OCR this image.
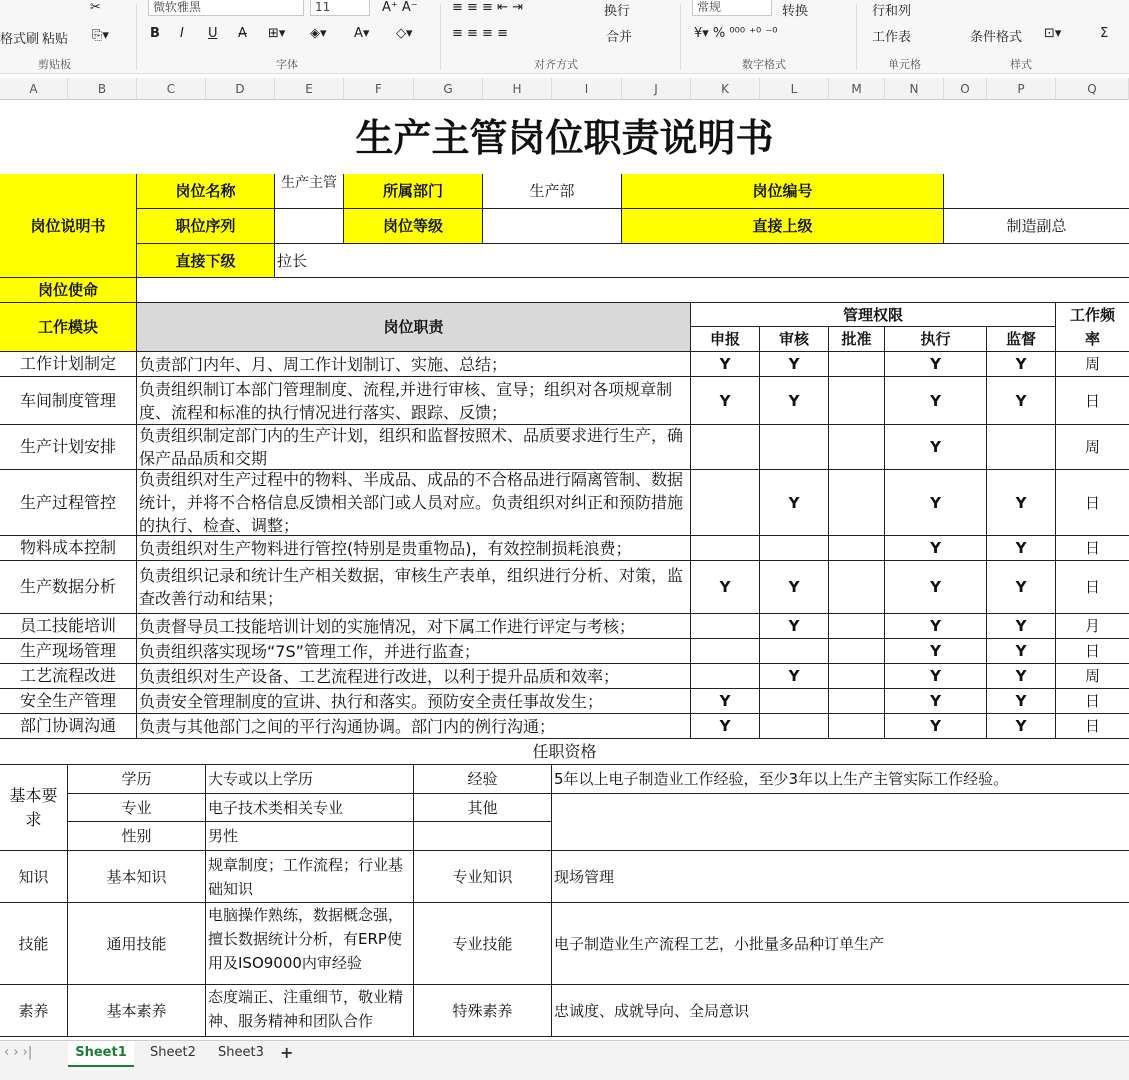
格式刷 粘贴
✂
⎘▾
剪贴板
微软雅黑	11	A⁺ A⁻
B I U A̶ ⊞▾ ◈▾ A▾ ◇▾
字体
≡ ≡ ≡ ⇤ ⇥	换行
≡ ≡ ≡ ≡	合并
对齐方式
常规
¥▾ % ⁰⁰⁰ ⁺⁰ ⁻⁰
数字格式
转换	行和列
工作表
单元格
条件格式 ⊡▾	Σ
样式
A	B	C	D	E	F	G	H	I	J	K	L	M	N	O	P	Q
生产主管岗位职责说明书
岗位说明书
岗位名称	生产主管	所属部门	生产部	岗位编号
职位序列	岗位等级	直接上级	制造副总
直接下级	拉长
岗位使命
工作模块	岗位职责
管理权限
申报	审核	批准	执行	监督
工作频率
工作计划制定	负责部门内年、月、周工作计划制订、实施、总结；	Y	Y	Y	Y	周
车间制度管理
负责组织制订本部门管理制度、流程,并进行审核、宣导；组织对各项规章制度、流程和标准的执行情况进行落实、跟踪、反馈；
Y	Y	Y	Y	日
生产计划安排
负责组织制定部门内的生产计划，组织和监督按照术、品质要求进行生产，确保产品品质和交期
Y	周
生产过程管控
负责组织对生产过程中的物料、半成品、成品的不合格品进行隔离管制、数据统计，并将不合格信息反馈相关部门或人员对应。负责组织对纠正和预防措施的执行、检查、调整；
Y	Y	Y	日
物料成本控制	负责组织对生产物料进行管控(特别是贵重物品)，有效控制损耗浪费；	Y	Y	日
生产数据分析
负责组织记录和统计生产相关数据，审核生产表单，组织进行分析、对策，监查改善行动和结果；
Y	Y	Y	Y	日
员工技能培训	负责督导员工技能培训计划的实施情况，对下属工作进行评定与考核；	Y	Y	Y	月
生产现场管理	负责组织落实现场“7S”管理工作，并进行监查；	Y	Y	日
工艺流程改进	负责组织对生产设备、工艺流程进行改进，以利于提升品质和效率；	Y	Y	Y	周
安全生产管理	负责安全管理制度的宣讲、执行和落实。预防安全责任事故发生；	Y	Y	Y	日
部门协调沟通	负责与其他部门之间的平行沟通协调。部门内的例行沟通；	Y	Y	Y	日
任职资格
基本要求
学历	大专或以上学历	经验	5年以上电子制造业工作经验，至少3年以上生产主管实际工作经验。
专业	电子技术类相关专业	其他
性别	男性
知识	基本知识
规章制度；工作流程；行业基础知识
专业知识	现场管理
技能	通用技能
电脑操作熟练，数据概念强，擅长数据统计分析，有ERP使用及ISO9000内审经验
专业技能	电子制造业生产流程工艺，小批量多品种订单生产
素养	基本素养
态度端正、注重细节，敬业精神、服务精神和团队合作
特殊素养	忠诚度、成就导向、全局意识
‹ › ›|	Sheet1	Sheet2 Sheet3 +
